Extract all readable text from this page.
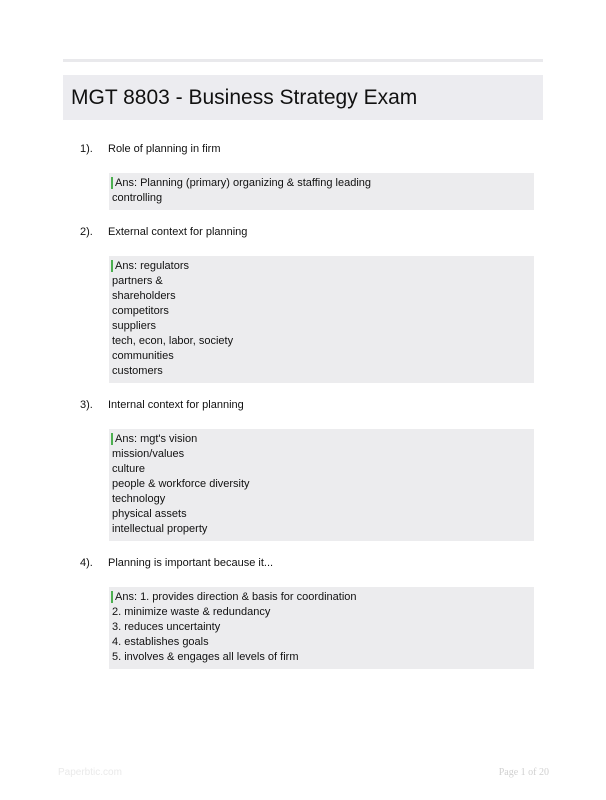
MGT 8803 - Business Strategy Exam
1).	Role of planning in firm
Ans: Planning (primary) organizing & staffing leading
controlling
2).	External context for planning
Ans: regulators
partners &
shareholders
competitors
suppliers
tech, econ, labor, society
communities
customers
3).	Internal context for planning
Ans: mgt's vision
mission/values
culture
people & workforce diversity
technology
physical assets
intellectual property
4).	Planning is important because it...
Ans: 1. provides direction & basis for coordination
2. minimize waste & redundancy
3. reduces uncertainty
4. establishes goals
5. involves & engages all levels of firm
Paperbtic.com	Page 1 of 20
